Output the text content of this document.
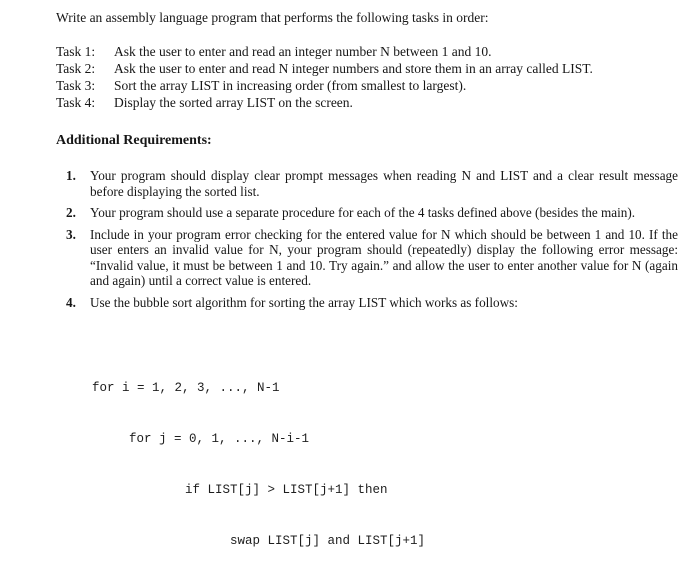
Write an assembly language program that performs the following tasks in order:
Task 1:	Ask the user to enter and read an integer number N between 1 and 10.
Task 2:	Ask the user to enter and read N integer numbers and store them in an array called LIST.
Task 3:	Sort the array LIST in increasing order (from smallest to largest).
Task 4:	Display the sorted array LIST on the screen.
Additional Requirements:
1.	Your program should display clear prompt messages when reading N and LIST and a clear result message before displaying the sorted list.
2.	Your program should use a separate procedure for each of the 4 tasks defined above (besides the main).
3.	Include in your program error checking for the entered value for N which should be between 1 and 10. If the user enters an invalid value for N, your program should (repeatedly) display the following error message: “Invalid value, it must be between 1 and 10. Try again.” and allow the user to enter another value for N (again and again) until a correct value is entered.
4.	Use the bubble sort algorithm for sorting the array LIST which works as follows:

for i = 1, 2, 3, ..., N-1

for j = 0, 1, ..., N-i-1

if LIST[j] > LIST[j+1] then

swap LIST[j] and LIST[j+1]
